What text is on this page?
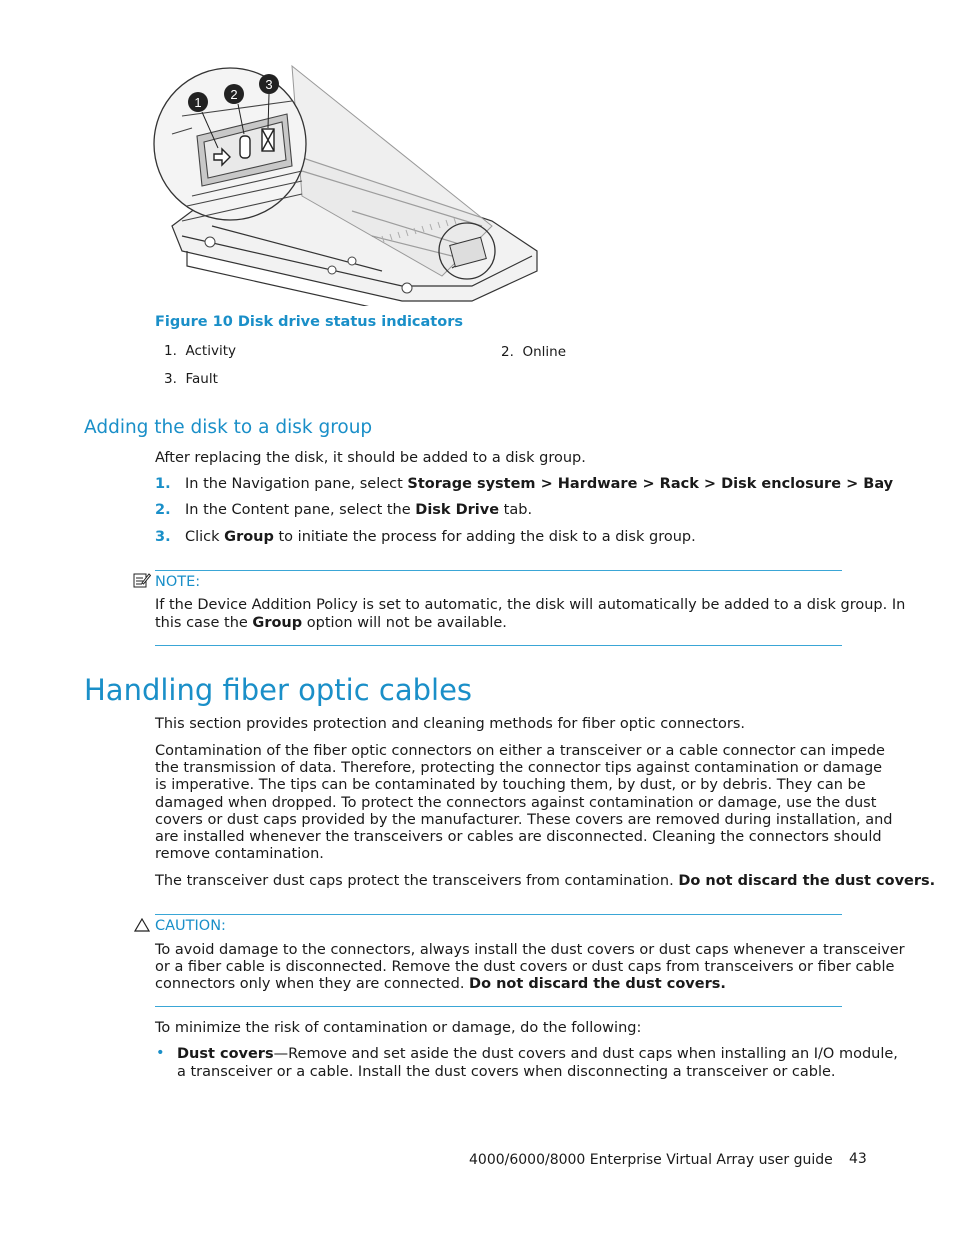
1
2
3
Figure 10 Disk drive status indicators
1. Activity	2. Online
3. Fault
Adding the disk to a disk group
After replacing the disk, it should be added to a disk group.
1. In the Navigation pane, select Storage system > Hardware > Rack > Disk enclosure > Bay
2. In the Content pane, select the Disk Drive tab.
3. Click Group to initiate the process for adding the disk to a disk group.
NOTE:
If the Device Addition Policy is set to automatic, the disk will automatically be added to a disk group. In
this case the Group option will not be available.
Handling fiber optic cables
This section provides protection and cleaning methods for fiber optic connectors.
Contamination of the fiber optic connectors on either a transceiver or a cable connector can impede
the transmission of data. Therefore, protecting the connector tips against contamination or damage
is imperative. The tips can be contaminated by touching them, by dust, or by debris. They can be
damaged when dropped. To protect the connectors against contamination or damage, use the dust
covers or dust caps provided by the manufacturer. These covers are removed during installation, and
are installed whenever the transceivers or cables are disconnected. Cleaning the connectors should
remove contamination.
The transceiver dust caps protect the transceivers from contamination. Do not discard the dust covers.
CAUTION:
To avoid damage to the connectors, always install the dust covers or dust caps whenever a transceiver
or a fiber cable is disconnected. Remove the dust covers or dust caps from transceivers or fiber cable
connectors only when they are connected. Do not discard the dust covers.
To minimize the risk of contamination or damage, do the following:
• Dust covers—Remove and set aside the dust covers and dust caps when installing an I/O module,
a transceiver or a cable. Install the dust covers when disconnecting a transceiver or cable.
4000/6000/8000 Enterprise Virtual Array user guide 43
